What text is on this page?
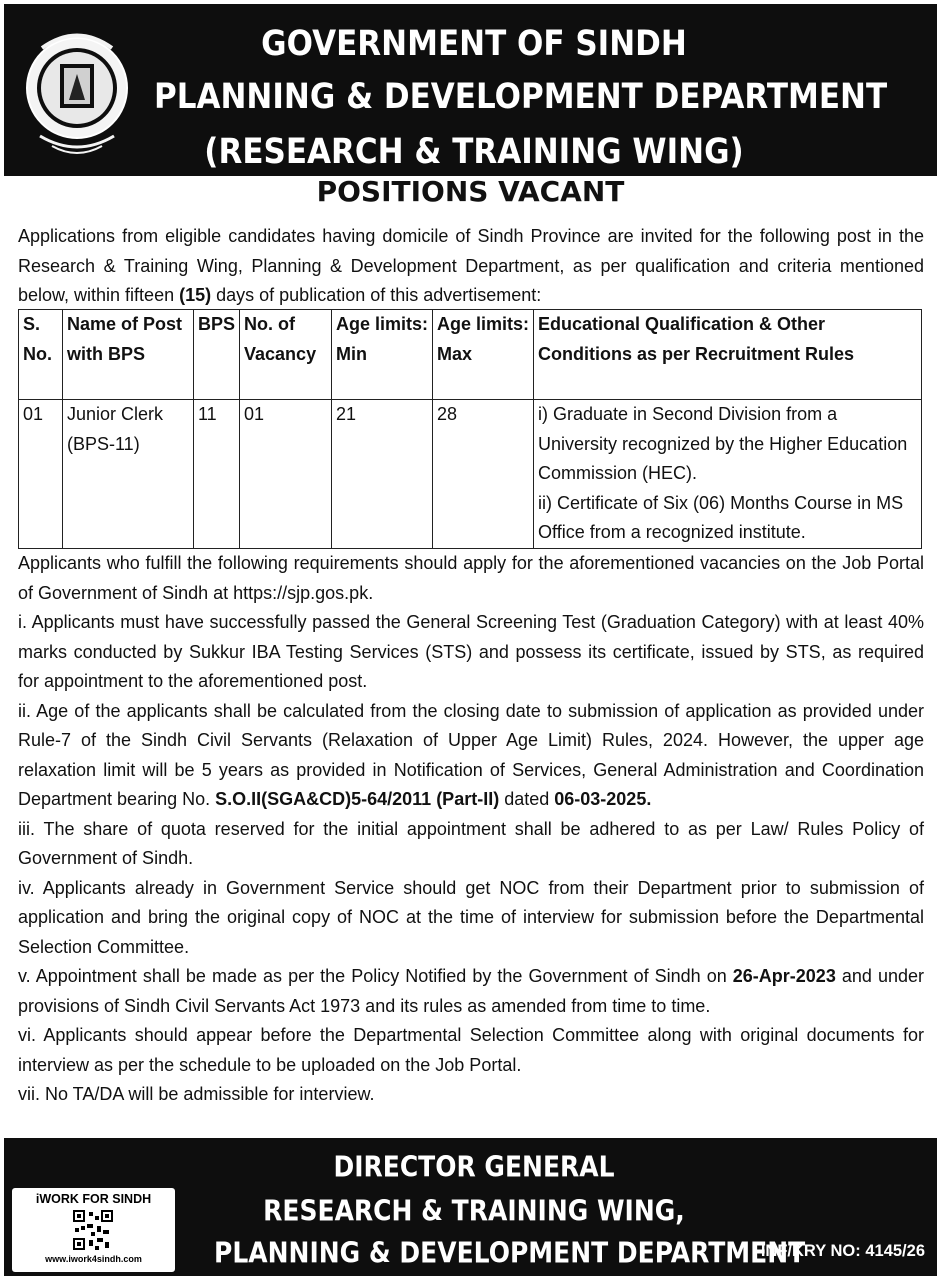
GOVERNMENT OF SINDH
PLANNING & DEVELOPMENT DEPARTMENT
(RESEARCH & TRAINING WING)
POSITIONS VACANT
Applications from eligible candidates having domicile of Sindh Province are invited for the following post in the Research & Training Wing, Planning & Development Department, as per qualification and criteria mentioned below, within fifteen (15) days of publication of this advertisement:
S. No.	Name of Post with BPS	BPS	No. of Vacancy	Age limits: Min	Age limits: Max	Educational Qualification & Other Conditions as per Recruitment Rules
01	Junior Clerk (BPS-11)	11	01	21	28	i) Graduate in Second Division from a University recognized by the Higher Education Commission (HEC).
ii) Certificate of Six (06) Months Course in MS Office from a recognized institute.
Applicants who fulfill the following requirements should apply for the aforementioned vacancies on the Job Portal of Government of Sindh at https://sjp.gos.pk.
i. Applicants must have successfully passed the General Screening Test (Graduation Category) with at least 40% marks conducted by Sukkur IBA Testing Services (STS) and possess its certificate, issued by STS, as required for appointment to the aforementioned post.
ii. Age of the applicants shall be calculated from the closing date to submission of application as provided under Rule-7 of the Sindh Civil Servants (Relaxation of Upper Age Limit) Rules, 2024. However, the upper age relaxation limit will be 5 years as provided in Notification of Services, General Administration and Coordination Department bearing No. S.O.II(SGA&CD)5-64/2011 (Part-II) dated 06-03-2025.
iii. The share of quota reserved for the initial appointment shall be adhered to as per Law/ Rules Policy of Government of Sindh.
iv. Applicants already in Government Service should get NOC from their Department prior to submission of application and bring the original copy of NOC at the time of interview for submission before the Departmental Selection Committee.
v. Appointment shall be made as per the Policy Notified by the Government of Sindh on 26-Apr-2023 and under provisions of Sindh Civil Servants Act 1973 and its rules as amended from time to time.
vi. Applicants should appear before the Departmental Selection Committee along with original documents for interview as per the schedule to be uploaded on the Job Portal.
vii. No TA/DA will be admissible for interview.
DIRECTOR GENERAL
RESEARCH & TRAINING WING,
PLANNING & DEVELOPMENT DEPARTMENT
iWORK FOR SINDH
www.iwork4sindh.com	INF/KRY NO: 4145/26
